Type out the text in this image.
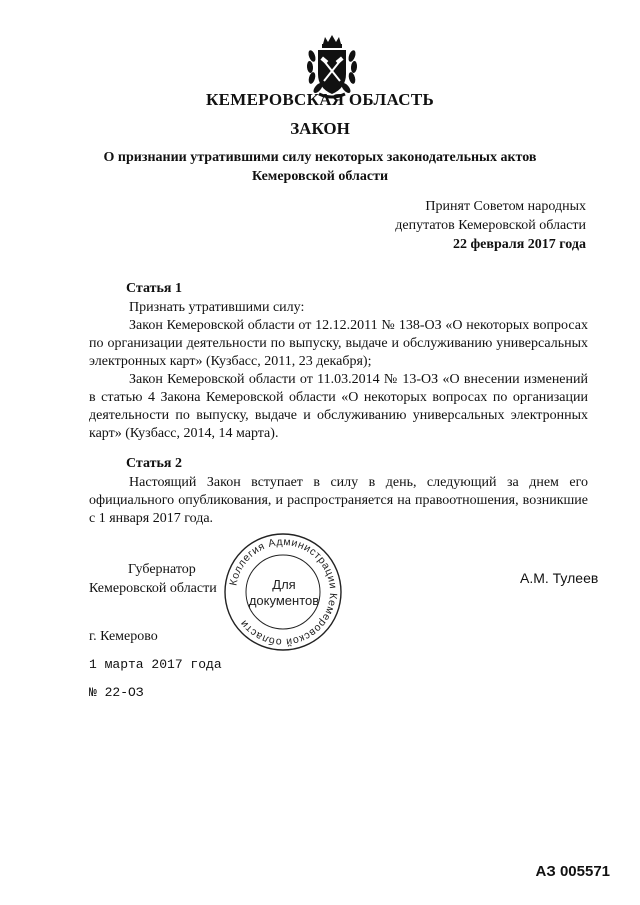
КЕМЕРОВСКАЯ ОБЛАСТЬ
ЗАКОН
О признании утратившими силу некоторых законодательных актов
Кемеровской области
Принят Советом народных
депутатов Кемеровской области
22 февраля 2017 года
Статья 1
Признать утратившими силу:
Закон Кемеровской области от 12.12.2011 № 138-ОЗ «О некоторых вопросах по организации деятельности по выпуску, выдаче и обслуживанию универсальных электронных карт» (Кузбасс, 2011, 23 декабря);
Закон Кемеровской области от 11.03.2014 № 13-ОЗ «О внесении изменений в статью 4 Закона Кемеровской области «О некоторых вопросах по организации деятельности по выпуску, выдаче и обслуживанию универсальных электронных карт» (Кузбасс, 2014, 14 марта).
Статья 2
Настоящий Закон вступает в силу в день, следующий за днем его официального опубликования, и распространяется на правоотношения, возникшие с 1 января 2017 года.
Губернатор
Кемеровской области Коллегия Администрации Кемеровской области
Для
документов
А.М. Тулеев
г. Кемерово
1 марта 2017 года
№ 22-ОЗ
АЗ 005571
